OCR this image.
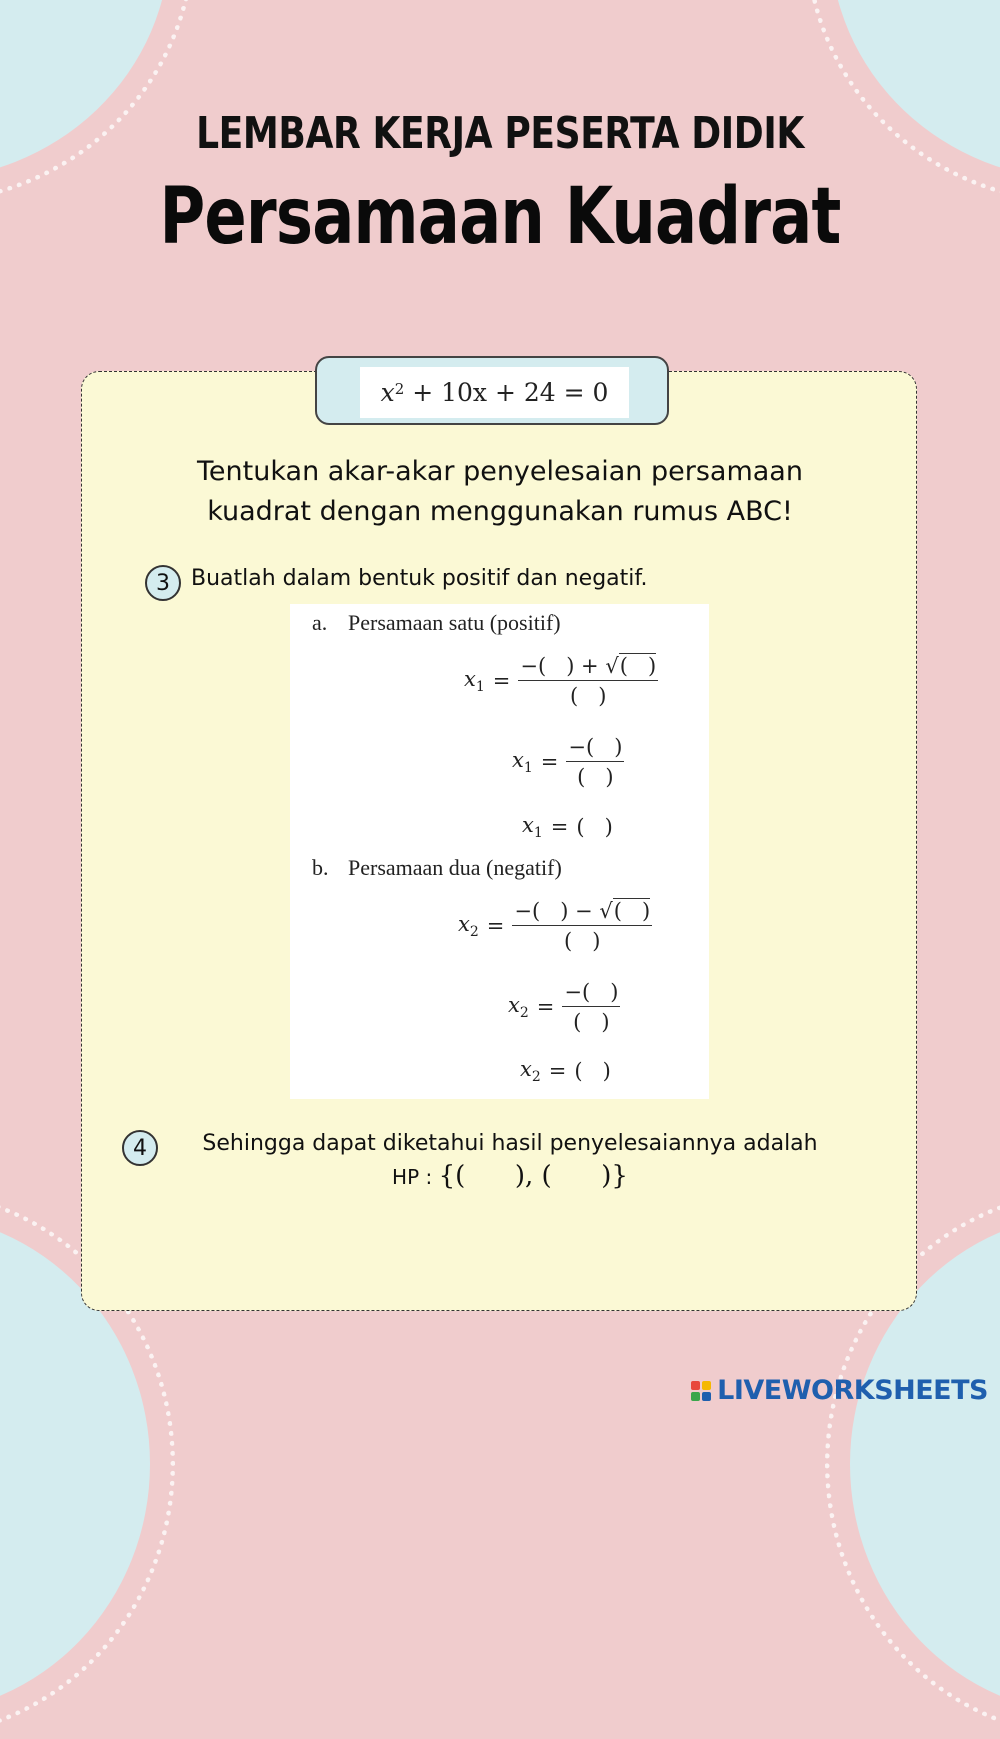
LEMBAR KERJA PESERTA DIDIK
Persamaan Kuadrat
$x^2$
+ 10x + 24 = 0
Tentukan akar-akar penyelesaian persamaan
kuadrat dengan menggunakan rumus ABC!
3 Buatlah dalam bentuk positif dan negatif.
a. Persamaan satu (positif)
$x_1 = \frac{-( ) + √( )}{( )}$
$x_1 = \frac{-( )}{( )}$
$x_1$ = (   )
b. Persamaan dua (negatif)
$x_2 = \frac{-( ) - √( )}{( )}$
$x_2 = \frac{-( )}{( )}$
$x_2$ = (   )
4	Sehingga dapat diketahui hasil penyelesaiannya adalah
HP : {(      ), (      )}
LIVEWORKSHEETS
